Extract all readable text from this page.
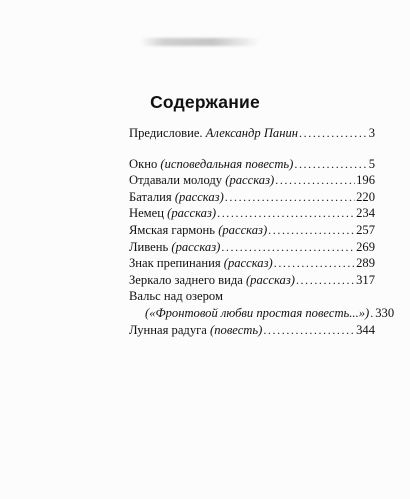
Содержание
Предисловие. Александр Панин .....	3
Окно (исповедальная повесть) .....	5
Отдавали молоду (рассказ) .....	196
Баталия (рассказ) .....	220
Немец (рассказ) .....	234
Ямская гармонь (рассказ) .....	257
Ливень (рассказ) .....	269
Знак препинания (рассказ) .....	289
Зеркало заднего вида (рассказ) .....	317
Вальс над озером
(«Фронтовой любви простая повесть...») ..... 330
Лунная радуга (повесть) .....	344
